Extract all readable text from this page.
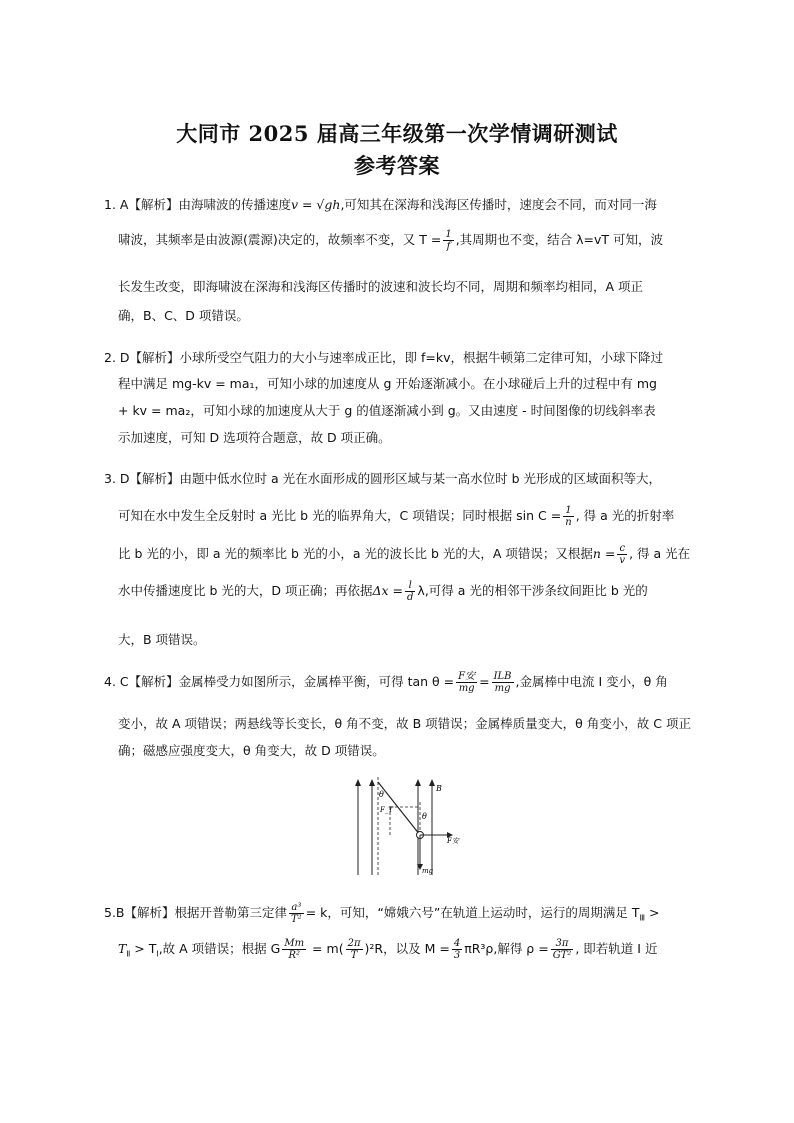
大同市 2025 届高三年级第一次学情调研测试
参考答案
1. A【解析】由海啸波的传播速度v = √gh,可知其在深海和浅海区传播时，速度会不同，而对同一海
啸波，其频率是由波源(震源)决定的，故频率不变，又 $T = \frac{1}{f}$ ,其周期也不变，结合 λ=vT 可知，波
长发生改变，即海啸波在深海和浅海区传播时的波速和波长均不同，周期和频率均相同，A 项正
确，B、C、D 项错误。
2. D【解析】小球所受空气阻力的大小与速率成正比，即 f=kv，根据牛顿第二定律可知，小球下降过
程中满足 mg-kv = ma₁，可知小球的加速度从 g 开始逐渐减小。在小球碰后上升的过程中有 mg
+ kv = ma₂，可知小球的加速度从大于 g 的值逐渐减小到 g。又由速度 - 时间图像的切线斜率表
示加速度，可知 D 选项符合题意，故 D 项正确。
3. D【解析】由题中低水位时 a 光在水面形成的圆形区域与某一高水位时 b 光形成的区域面积等大，
可知在水中发生全反射时 a 光比 b 光的临界角大，C 项错误；同时根据 $\sin C = \frac{1}{n}$ , 得 a 光的折射率
比 b 光的小，即 a 光的频率比 b 光的小，a 光的波长比 b 光的大，A 项错误；又根据$n = \frac{c}{v}$ , 得 a 光在
水中传播速度比 b 光的大，D 项正确；再依据$\Delta x = \frac{l}{d} \lambda$,可得 a 光的相邻干涉条纹间距比 b 光的
大，B 项错误。
4. C【解析】金属棒受力如图所示，金属棒平衡，可得 $\tan \theta = \frac{\text{F安}}{mg} = \frac{\text{ILB}}{mg}$ ,金属棒中电流 I 变小，θ 角
变小，故 A 项错误；两悬线等长变长，θ 角不变，故 B 项错误；金属棒质量变大，θ 角变小，故 C 项正
确；磁感应强度变大，θ 角变大，故 D 项错误。
θ
θ
F_T
B
F安
mg
5.B【解析】根据开普勒第三定律 $\frac{\text{a³}}{\text{T²}} = k$，可知，“嫦娥六号”在轨道上运动时，运行的周期满足 $T_Ⅲ$ >
$T_Ⅱ > T_Ⅰ$,故 A 项错误；根据 G $\frac{Mm}{\text{R²}} = m( \frac{2\pi}{T} )^2R$，以及 $M = \frac{4}{3} \pi R^3\rho$,解得 $\rho = \frac{3\pi}{\text{GT²}}$ , 即若轨道 Ⅰ 近
